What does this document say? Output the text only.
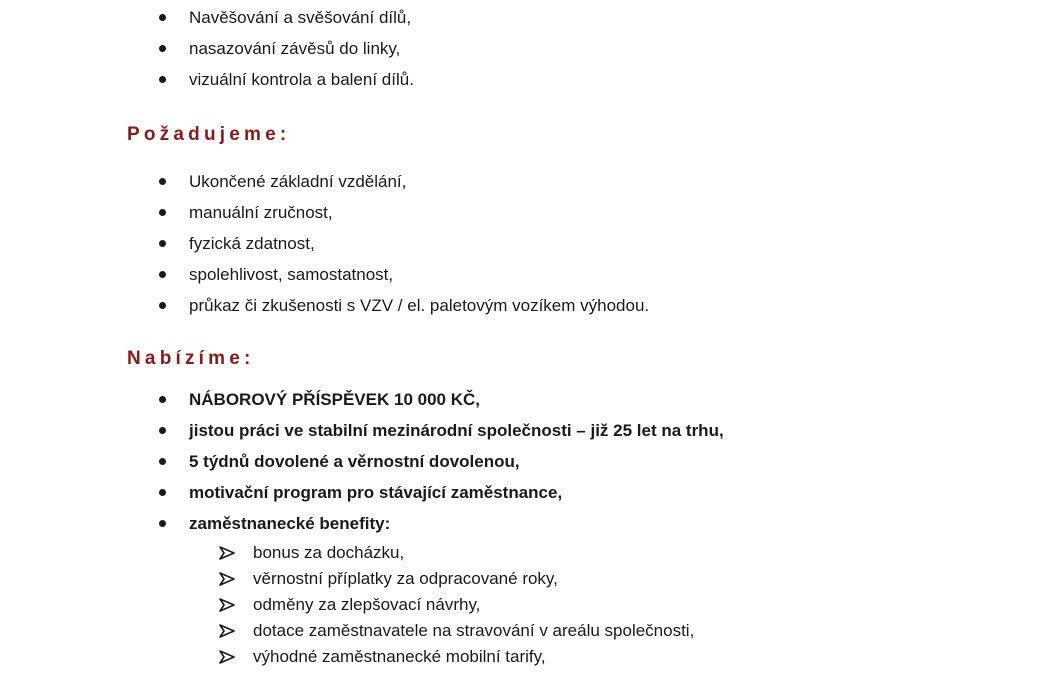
Navěšování a svěšování dílů,
nasazování závěsů do linky,
vizuální kontrola a balení dílů.
Požadujeme:
Ukončené základní vzdělání,
manuální zručnost,
fyzická zdatnost,
spolehlivost, samostatnost,
průkaz či zkušenosti s VZV / el. paletovým vozíkem výhodou.
Nabízíme:
NÁBOROVÝ PŘÍSPĚVEK 10 000 KČ,
jistou práci ve stabilní mezinárodní společnosti – již 25 let na trhu,
5 týdnů dovolené a věrnostní dovolenou,
motivační program pro stávající zaměstnance,
zaměstnanecké benefity:
bonus za docházku,
věrnostní příplatky za odpracované roky,
odměny za zlepšovací návrhy,
dotace zaměstnavatele na stravování v areálu společnosti,
výhodné zaměstnanecké mobilní tarify,
